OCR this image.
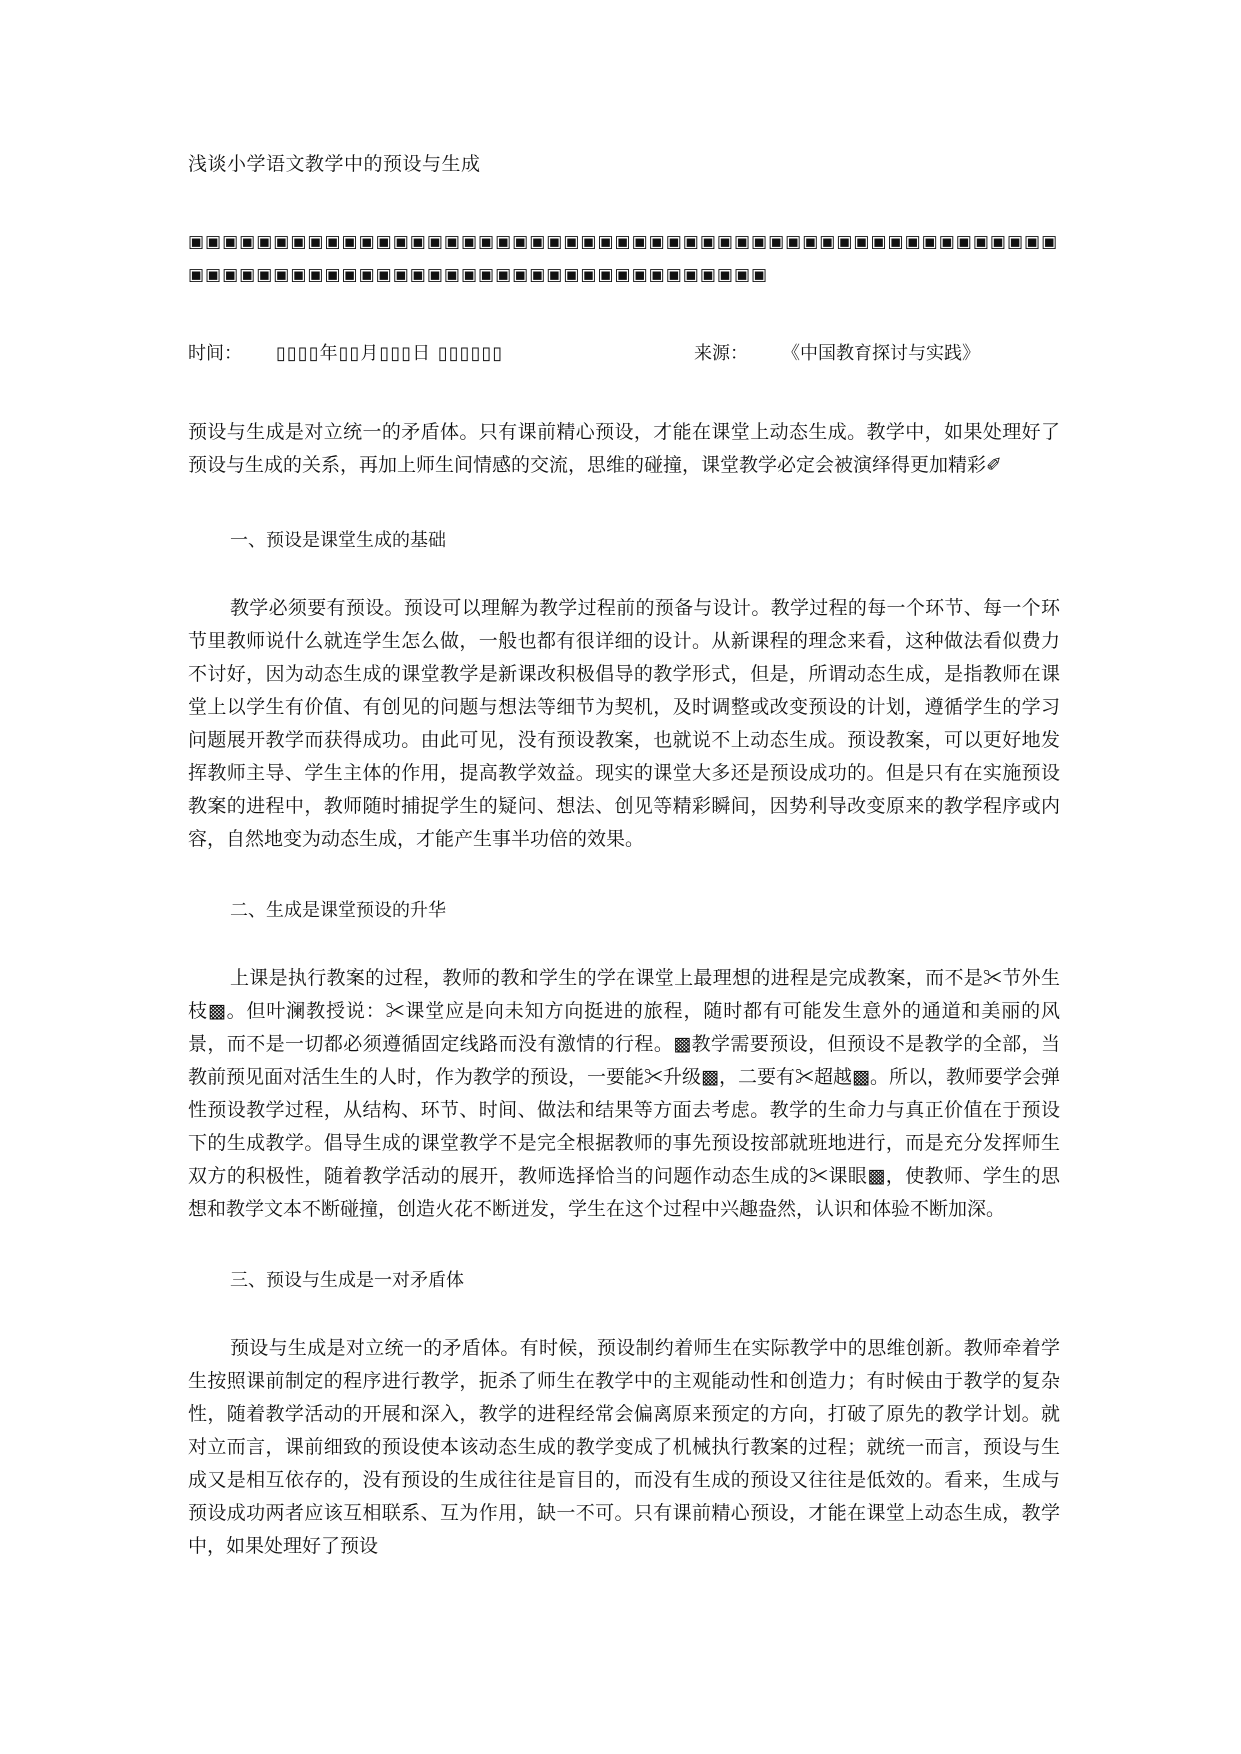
浅谈小学语文教学中的预设与生成
▣▣▣▣▣▣▣▣▣▣▣▣▣▣▣▣▣▣▣▣▣▣▣▣▣▣▣▣▣▣▣▣▣▣▣▣▣▣▣▣▣▣▣▣▣▣▣▣▣▣▣▣▣▣▣▣▣▣▣▣▣▣▣▣▣▣▣▣▣▣▣▣▣▣▣▣▣▣▣▣▣▣▣▣▣
时间：	▯▯▯▯年▯▯月▯▯▯日 ▯▯▯▯▯▯	来源：	《中国教育探讨与实践》

预设与生成是对立统一的矛盾体。只有课前精心预设，才能在课堂上动态生成。教学中，如果处理好了预设与生成的关系，再加上师生间情感的交流，思维的碰撞，课堂教学必定会被演绎得更加精彩✐

一、预设是课堂生成的基础

教学必须要有预设。预设可以理解为教学过程前的预备与设计。教学过程的每一个环节、每一个环节里教师说什么就连学生怎么做，一般也都有很详细的设计。从新课程的理念来看，这种做法看似费力不讨好，因为动态生成的课堂教学是新课改积极倡导的教学形式，但是，所谓动态生成，是指教师在课堂上以学生有价值、有创见的问题与想法等细节为契机，及时调整或改变预设的计划，遵循学生的学习问题展开教学而获得成功。由此可见，没有预设教案，也就说不上动态生成。预设教案，可以更好地发挥教师主导、学生主体的作用，提高教学效益。现实的课堂大多还是预设成功的。但是只有在实施预设教案的进程中，教师随时捕捉学生的疑问、想法、创见等精彩瞬间，因势利导改变原来的教学程序或内容，自然地变为动态生成，才能产生事半功倍的效果。

二、生成是课堂预设的升华

上课是执行教案的过程，教师的教和学生的学在课堂上最理想的进程是完成教案，而不是✂节外生枝▩。但叶澜教授说：✂课堂应是向未知方向挺进的旅程，随时都有可能发生意外的通道和美丽的风景，而不是一切都必须遵循固定线路而没有激情的行程。▩教学需要预设，但预设不是教学的全部，当教前预见面对活生生的人时，作为教学的预设，一要能✂升级▩，二要有✂超越▩。所以，教师要学会弹性预设教学过程，从结构、环节、时间、做法和结果等方面去考虑。教学的生命力与真正价值在于预设下的生成教学。倡导生成的课堂教学不是完全根据教师的事先预设按部就班地进行，而是充分发挥师生双方的积极性，随着教学活动的展开，教师选择恰当的问题作动态生成的✂课眼▩，使教师、学生的思想和教学文本不断碰撞，创造火花不断迸发，学生在这个过程中兴趣盎然，认识和体验不断加深。

三、预设与生成是一对矛盾体

预设与生成是对立统一的矛盾体。有时候，预设制约着师生在实际教学中的思维创新。教师牵着学生按照课前制定的程序进行教学，扼杀了师生在教学中的主观能动性和创造力；有时候由于教学的复杂性，随着教学活动的开展和深入，教学的进程经常会偏离原来预定的方向，打破了原先的教学计划。就对立而言，课前细致的预设使本该动态生成的教学变成了机械执行教案的过程；就统一而言，预设与生成又是相互依存的，没有预设的生成往往是盲目的，而没有生成的预设又往往是低效的。看来，生成与预设成功两者应该互相联系、互为作用，缺一不可。只有课前精心预设，才能在课堂上动态生成，教学中，如果处理好了预设
